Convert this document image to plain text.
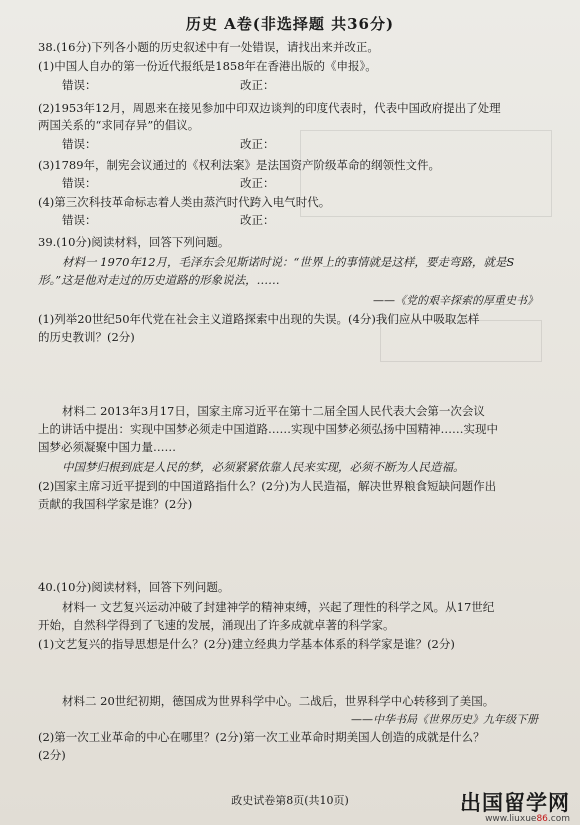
历史 A卷(非选择题 共36分)
38.(16分)下列各小题的历史叙述中有一处错误，请找出来并改正。
(1)中国人自办的第一份近代报纸是1858年在香港出版的《申报》。
错误：	改正：
(2)1953年12月，周恩来在接见参加中印双边谈判的印度代表时，代表中国政府提出了处理
两国关系的“求同存异”的倡议。
错误：	改正：
(3)1789年，制宪会议通过的《权利法案》是法国资产阶级革命的纲领性文件。
错误：	改正：
(4)第三次科技革命标志着人类由蒸汽时代跨入电气时代。
错误：	改正：
39.(10分)阅读材料，回答下列问题。
材料一 1970年12月，毛泽东会见斯诺时说：“世界上的事情就是这样，要走弯路，就是S
形。”这是他对走过的历史道路的形象说法，……
——《党的艰辛探索的厚重史书》
(1)列举20世纪50年代党在社会主义道路探索中出现的失误。(4分)我们应从中吸取怎样
的历史教训？(2分)
材料二 2013年3月17日，国家主席习近平在第十二届全国人民代表大会第一次会议
上的讲话中提出：实现中国梦必须走中国道路……实现中国梦必须弘扬中国精神……实现中
国梦必须凝聚中国力量……
中国梦归根到底是人民的梦，必须紧紧依靠人民来实现，必须不断为人民造福。
(2)国家主席习近平提到的中国道路指什么？(2分)为人民造福，解决世界粮食短缺问题作出
贡献的我国科学家是谁？(2分)
40.(10分)阅读材料，回答下列问题。
材料一 文艺复兴运动冲破了封建神学的精神束缚，兴起了理性的科学之风。从17世纪
开始，自然科学得到了飞速的发展，涌现出了许多成就卓著的科学家。
(1)文艺复兴的指导思想是什么？(2分)建立经典力学基本体系的科学家是谁？(2分)
材料二 20世纪初期，德国成为世界科学中心。二战后，世界科学中心转移到了美国。
——中华书局《世界历史》九年级下册
(2)第一次工业革命的中心在哪里？(2分)第一次工业革命时期美国人创造的成就是什么？
(2分)
政史试卷第8页(共10页)	出国留学网
www.liuxue86.com
